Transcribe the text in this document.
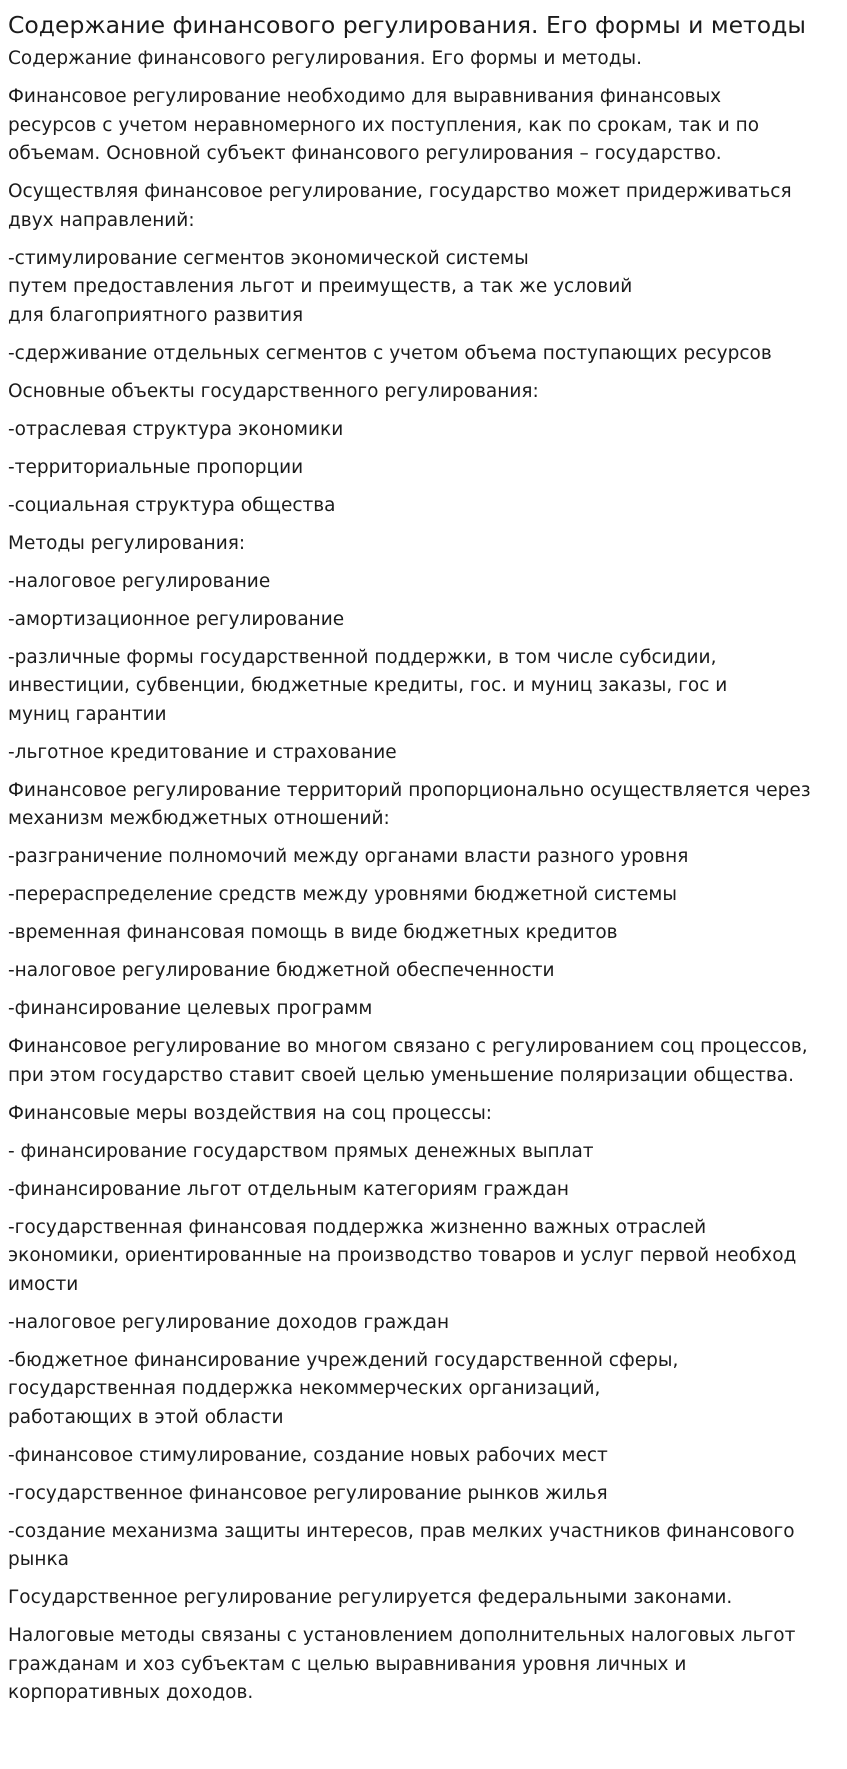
Содержание финансового регулирования. Его формы и методы

Содержание финансового регулирования. Его формы и методы.

Финансовое регулирование необходимо для выравнивания финансовых
ресурсов с учетом неравномерного их поступления, как по срокам, так и по
объемам. Основной субъект финансового регулирования – государство.

Осуществляя финансовое регулирование, государство может придерживаться
двух направлений:

-стимулирование сегментов экономической системы
путем предоставления льгот и преимуществ, а так же условий
для благоприятного развития

-сдерживание отдельных сегментов с учетом объема поступающих ресурсов

Основные объекты государственного регулирования:

-отраслевая структура экономики

-территориальные пропорции

-социальная структура общества

Методы регулирования:

-налоговое регулирование

-амортизационное регулирование

-различные формы государственной поддержки, в том числе субсидии,
инвестиции, субвенции, бюджетные кредиты, гос. и муниц заказы, гос и
муниц гарантии

-льготное кредитование и страхование

Финансовое регулирование территорий пропорционально осуществляется через
механизм межбюджетных отношений:

-разграничение полномочий между органами власти разного уровня

-перераспределение средств между уровнями бюджетной системы

-временная финансовая помощь в виде бюджетных кредитов

-налоговое регулирование бюджетной обеспеченности

-финансирование целевых программ

Финансовое регулирование во многом связано с регулированием соц процессов,
при этом государство ставит своей целью уменьшение поляризации общества.

Финансовые меры воздействия на соц процессы:

- финансирование государством прямых денежных выплат

-финансирование льгот отдельным категориям граждан

-государственная финансовая поддержка жизненно важных отраслей
экономики, ориентированные на производство товаров и услуг первой необход
имости

-налоговое регулирование доходов граждан

-бюджетное финансирование учреждений государственной сферы,
государственная поддержка некоммерческих организаций,
работающих в этой области

-финансовое стимулирование, создание новых рабочих мест

-государственное финансовое регулирование рынков жилья

-создание механизма защиты интересов, прав мелких участников финансового
рынка

Государственное регулирование регулируется федеральными законами.

Налоговые методы связаны с установлением дополнительных налоговых льгот
гражданам и хоз субъектам с целью выравнивания уровня личных и
корпоративных доходов.
